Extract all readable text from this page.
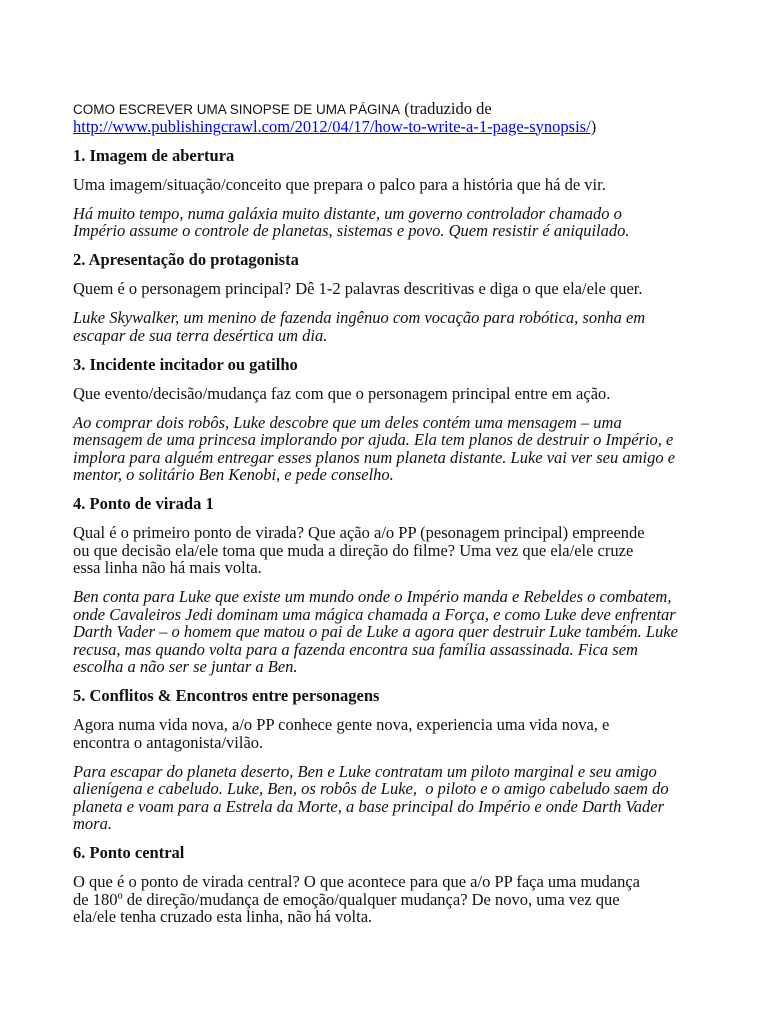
COMO ESCREVER UMA SINOPSE DE UMA PÁGINA (traduzido de
http://www.publishingcrawl.com/2012/04/17/how-to-write-a-1-page-synopsis/)
1. Imagem de abertura
Uma imagem/situação/conceito que prepara o palco para a história que há de vir.
Há muito tempo, numa galáxia muito distante, um governo controlador chamado o
Império assume o controle de planetas, sistemas e povo. Quem resistir é aniquilado.
2. Apresentação do protagonista
Quem é o personagem principal? Dê 1-2 palavras descritivas e diga o que ela/ele quer.
Luke Skywalker, um menino de fazenda ingênuo com vocação para robótica, sonha em
escapar de sua terra desértica um dia.
3. Incidente incitador ou gatilho
Que evento/decisão/mudança faz com que o personagem principal entre em ação.
Ao comprar dois robôs, Luke descobre que um deles contém uma mensagem – uma
mensagem de uma princesa implorando por ajuda. Ela tem planos de destruir o Império, e
implora para alguém entregar esses planos num planeta distante. Luke vai ver seu amigo e
mentor, o solitário Ben Kenobi, e pede conselho.
4. Ponto de virada 1
Qual é o primeiro ponto de virada? Que ação a/o PP (pesonagem principal) empreende
ou que decisão ela/ele toma que muda a direção do filme? Uma vez que ela/ele cruze
essa linha não há mais volta.
Ben conta para Luke que existe um mundo onde o Império manda e Rebeldes o combatem,
onde Cavaleiros Jedi dominam uma mágica chamada a Força, e como Luke deve enfrentar
Darth Vader – o homem que matou o pai de Luke a agora quer destruir Luke também. Luke
recusa, mas quando volta para a fazenda encontra sua família assassinada. Fica sem
escolha a não ser se juntar a Ben.
5. Conflitos & Encontros entre personagens
Agora numa vida nova, a/o PP conhece gente nova, experiencia uma vida nova, e
encontra o antagonista/vilão.
Para escapar do planeta deserto, Ben e Luke contratam um piloto marginal e seu amigo
alienígena e cabeludo. Luke, Ben, os robôs de Luke,  o piloto e o amigo cabeludo saem do
planeta e voam para a Estrela da Morte, a base principal do Império e onde Darth Vader
mora.
6. Ponto central
O que é o ponto de virada central? O que acontece para que a/o PP faça uma mudança
de 180º de direção/mudança de emoção/qualquer mudança? De novo, uma vez que
ela/ele tenha cruzado esta linha, não há volta.
